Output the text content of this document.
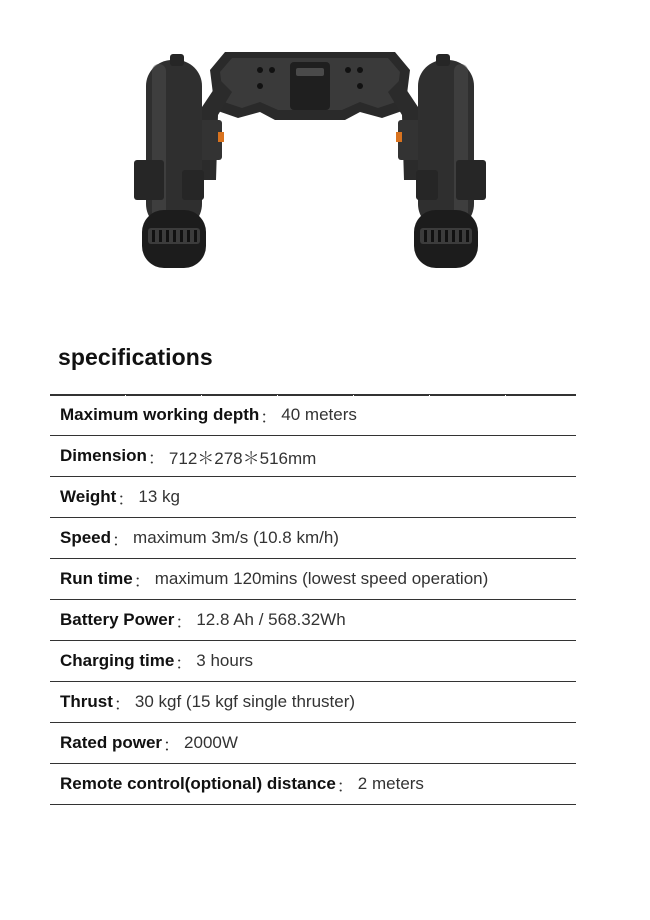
specifications
Maximum working depth ： 40 meters
Dimension ： 712＊278＊516mm
Weight ： 13 kg
Speed ： maximum 3m/s (10.8 km/h)
Run time ： maximum 120mins (lowest speed operation)
Battery Power ： 12.8 Ah / 568.32Wh
Charging time ： 3 hours
Thrust ： 30 kgf (15 kgf single thruster)
Rated power ： 2000W
Remote control(optional) distance ： 2 meters
